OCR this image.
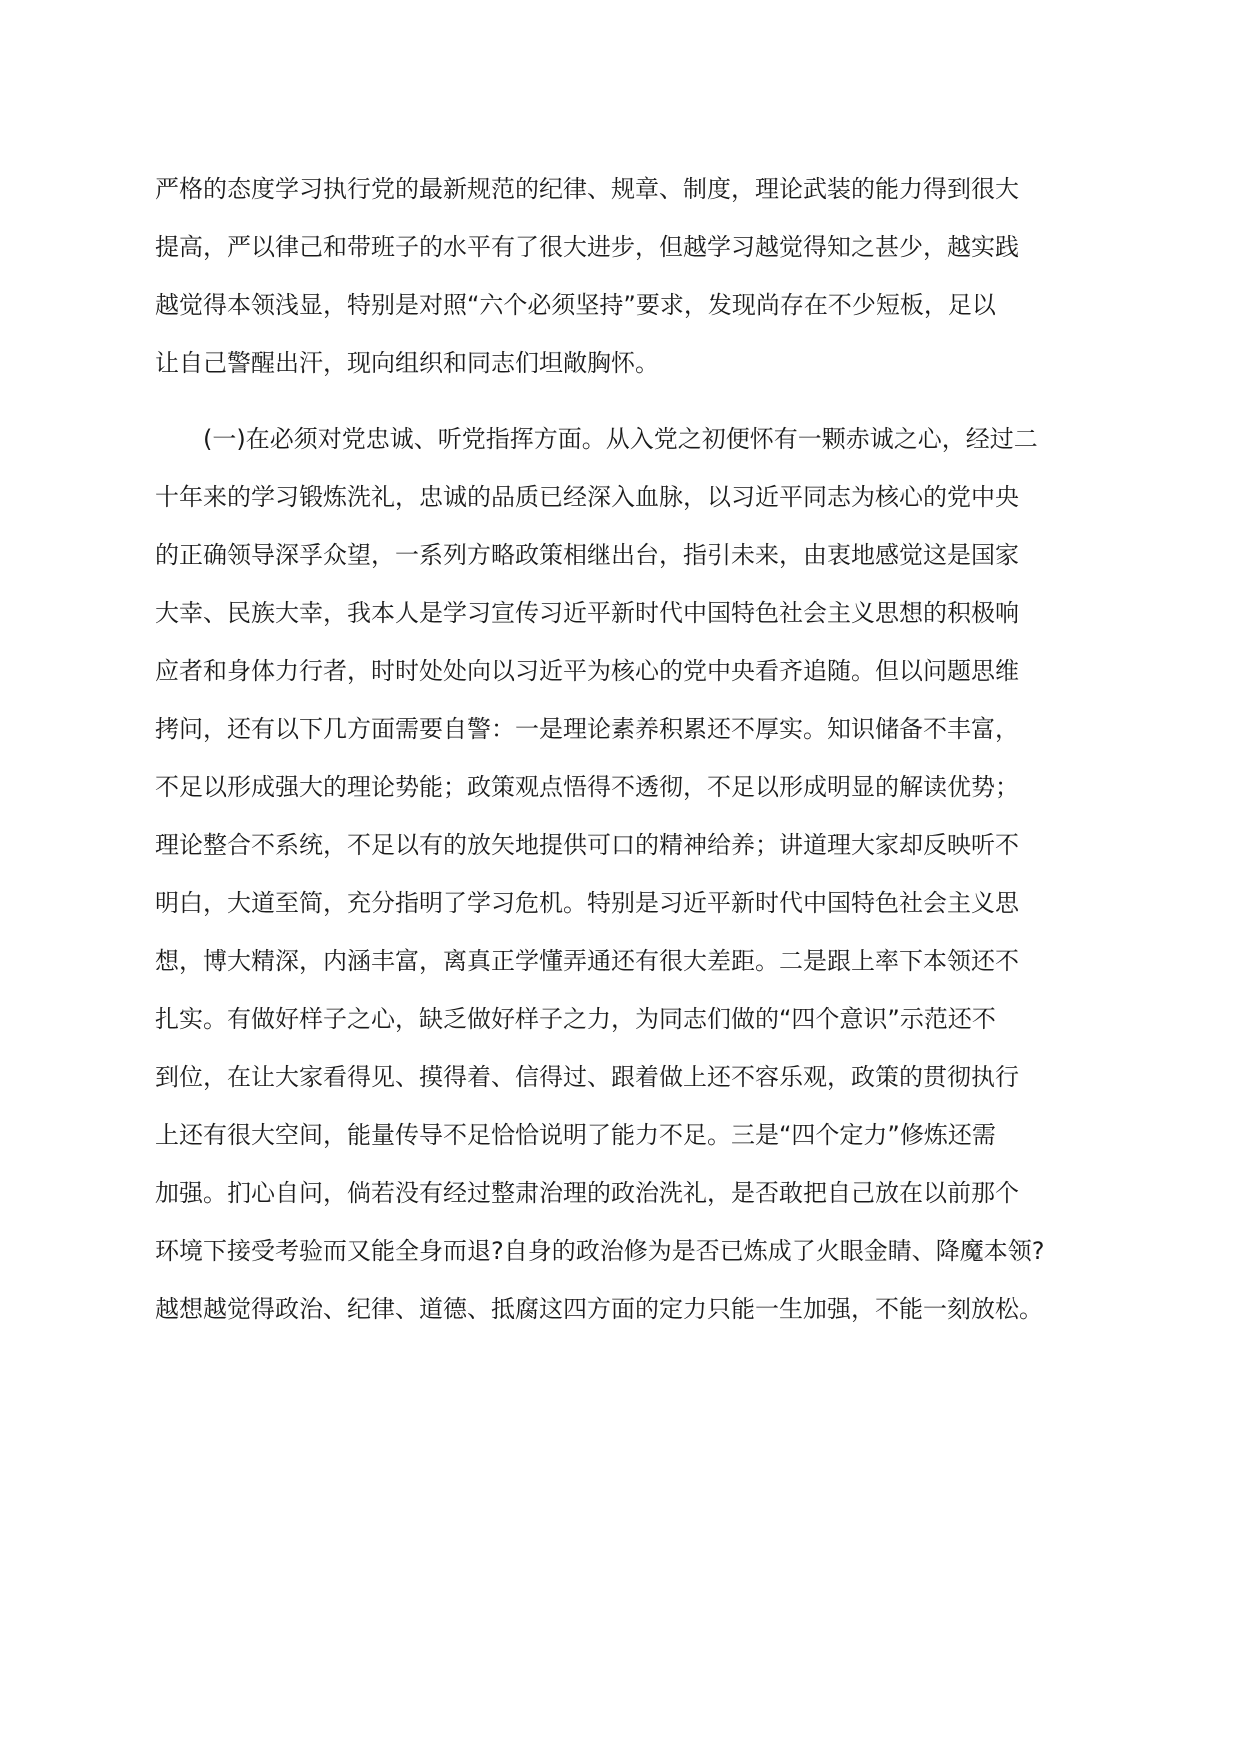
严格的态度学习执行党的最新规范的纪律、规章、制度，理论武装的能力得到很大
提高，严以律己和带班子的水平有了很大进步，但越学习越觉得知之甚少，越实践
越觉得本领浅显，特别是对照“六个必须坚持”要求，发现尚存在不少短板，足以
让自己警醒出汗，现向组织和同志们坦敞胸怀。
(一)在必须对党忠诚、听党指挥方面。从入党之初便怀有一颗赤诚之心，经过二
十年来的学习锻炼洗礼，忠诚的品质已经深入血脉，以习近平同志为核心的党中央
的正确领导深孚众望，一系列方略政策相继出台，指引未来，由衷地感觉这是国家
大幸、民族大幸，我本人是学习宣传习近平新时代中国特色社会主义思想的积极响
应者和身体力行者，时时处处向以习近平为核心的党中央看齐追随。但以问题思维
拷问，还有以下几方面需要自警：一是理论素养积累还不厚实。知识储备不丰富，
不足以形成强大的理论势能；政策观点悟得不透彻，不足以形成明显的解读优势；
理论整合不系统，不足以有的放矢地提供可口的精神给养；讲道理大家却反映听不
明白，大道至简，充分指明了学习危机。特别是习近平新时代中国特色社会主义思
想，博大精深，内涵丰富，离真正学懂弄通还有很大差距。二是跟上率下本领还不
扎实。有做好样子之心，缺乏做好样子之力，为同志们做的“四个意识”示范还不
到位，在让大家看得见、摸得着、信得过、跟着做上还不容乐观，政策的贯彻执行
上还有很大空间，能量传导不足恰恰说明了能力不足。三是“四个定力”修炼还需
加强。扪心自问，倘若没有经过整肃治理的政治洗礼，是否敢把自己放在以前那个
环境下接受考验而又能全身而退?自身的政治修为是否已炼成了火眼金睛、降魔本领?
越想越觉得政治、纪律、道德、抵腐这四方面的定力只能一生加强，不能一刻放松。
